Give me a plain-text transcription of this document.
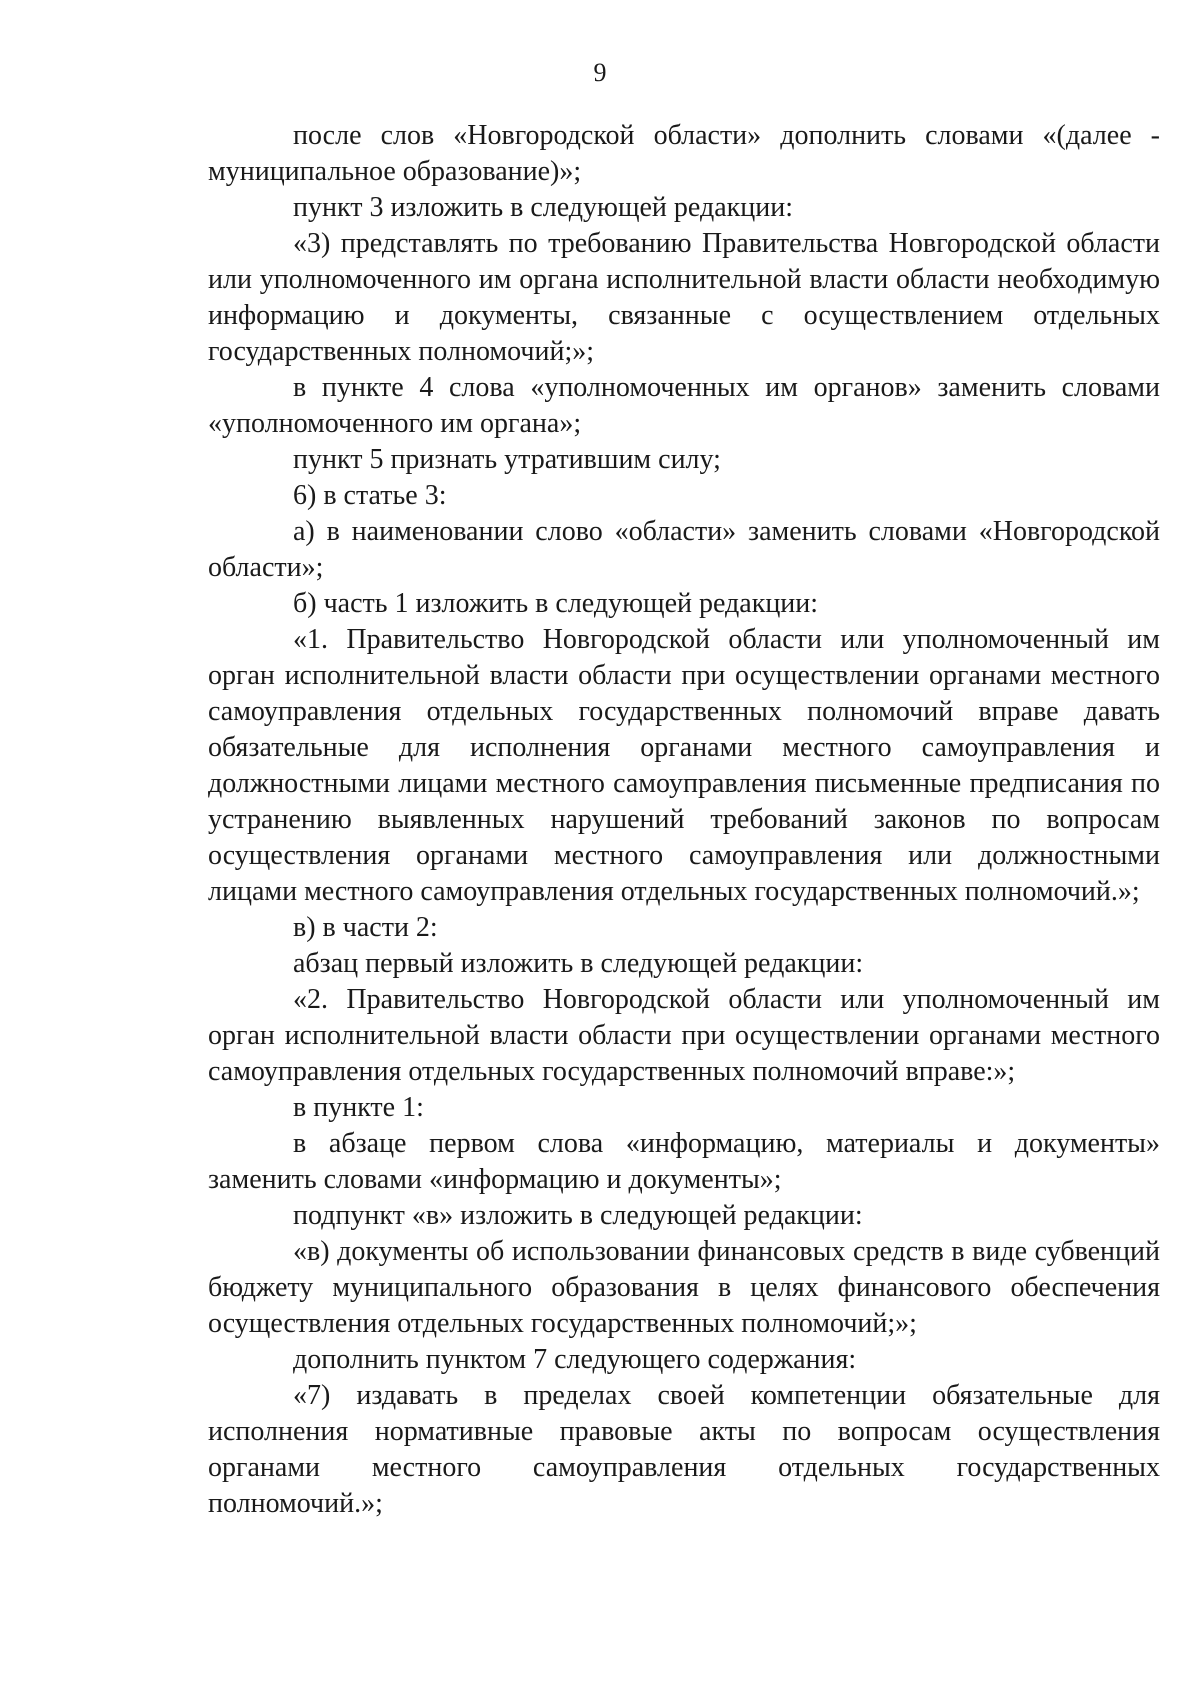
9

после слов «Новгородской области» дополнить словами «(далее - муниципальное образование)»;

пункт 3 изложить в следующей редакции:

«3) представлять по требованию Правительства Новгородской области или уполномоченного им органа исполнительной власти области необходимую информацию и документы, связанные с осуществлением отдельных государственных полномочий;»;

в пункте 4 слова «уполномоченных им органов» заменить словами «уполномоченного им органа»;

пункт 5 признать утратившим силу;

6) в статье 3:

а) в наименовании слово «области» заменить словами «Новгородской области»;

б) часть 1 изложить в следующей редакции:

«1. Правительство Новгородской области или уполномоченный им орган исполнительной власти области при осуществлении органами местного самоуправления отдельных государственных полномочий вправе давать обязательные для исполнения органами местного самоуправления и должностными лицами местного самоуправления письменные предписания по устранению выявленных нарушений требований законов по вопросам осуществления органами местного самоуправления или должностными лицами местного самоуправления отдельных государственных полномочий.»;

в) в части 2:

абзац первый изложить в следующей редакции:

«2. Правительство Новгородской области или уполномоченный им орган исполнительной власти области при осуществлении органами местного самоуправления отдельных государственных полномочий вправе:»;

в пункте 1:

в абзаце первом слова «информацию, материалы и документы» заменить словами «информацию и документы»;

подпункт «в» изложить в следующей редакции:

«в) документы об использовании финансовых средств в виде субвенций бюджету муниципального образования в целях финансового обеспечения осуществления отдельных государственных полномочий;»;

дополнить пунктом 7 следующего содержания:

«7) издавать в пределах своей компетенции обязательные для исполнения нормативные правовые акты по вопросам осуществления органами местного самоуправления отдельных государственных полномочий.»;
